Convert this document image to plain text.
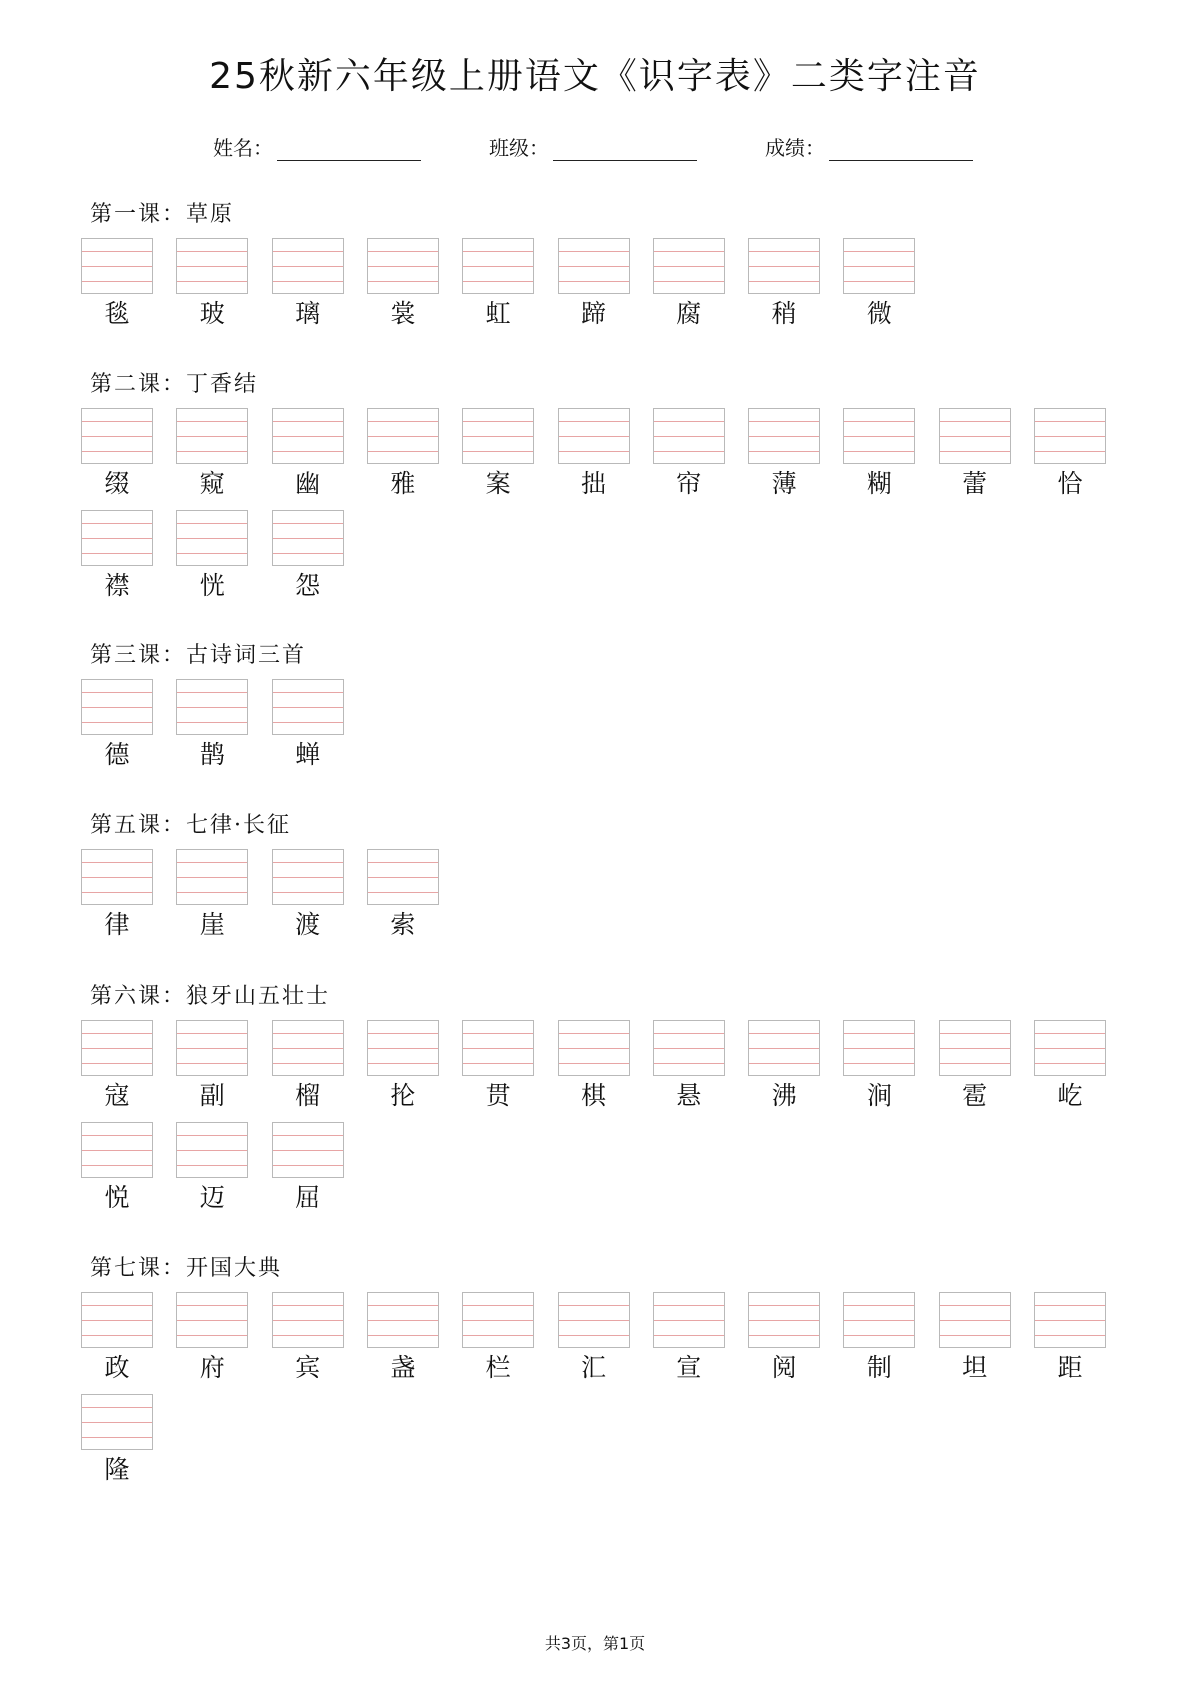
25秋新六年级上册语文《识字表》二类字注音
姓名：	班级：	成绩：
第一课：草原
毯	玻	璃	裳	虹	蹄	腐	稍	微
第二课：丁香结
缀	窥	幽	雅	案	拙	帘	薄	糊	蕾	恰
襟	恍	怨
第三课：古诗词三首
德	鹊	蝉
第五课：七律·长征
律	崖	渡	索
第六课：狼牙山五壮士
寇	副	榴	抡	贯	棋	悬	沸	涧	雹	屹
悦	迈	屈
第七课：开国大典
政	府	宾	盏	栏	汇	宣	阅	制	坦	距
隆
共3页，第1页
